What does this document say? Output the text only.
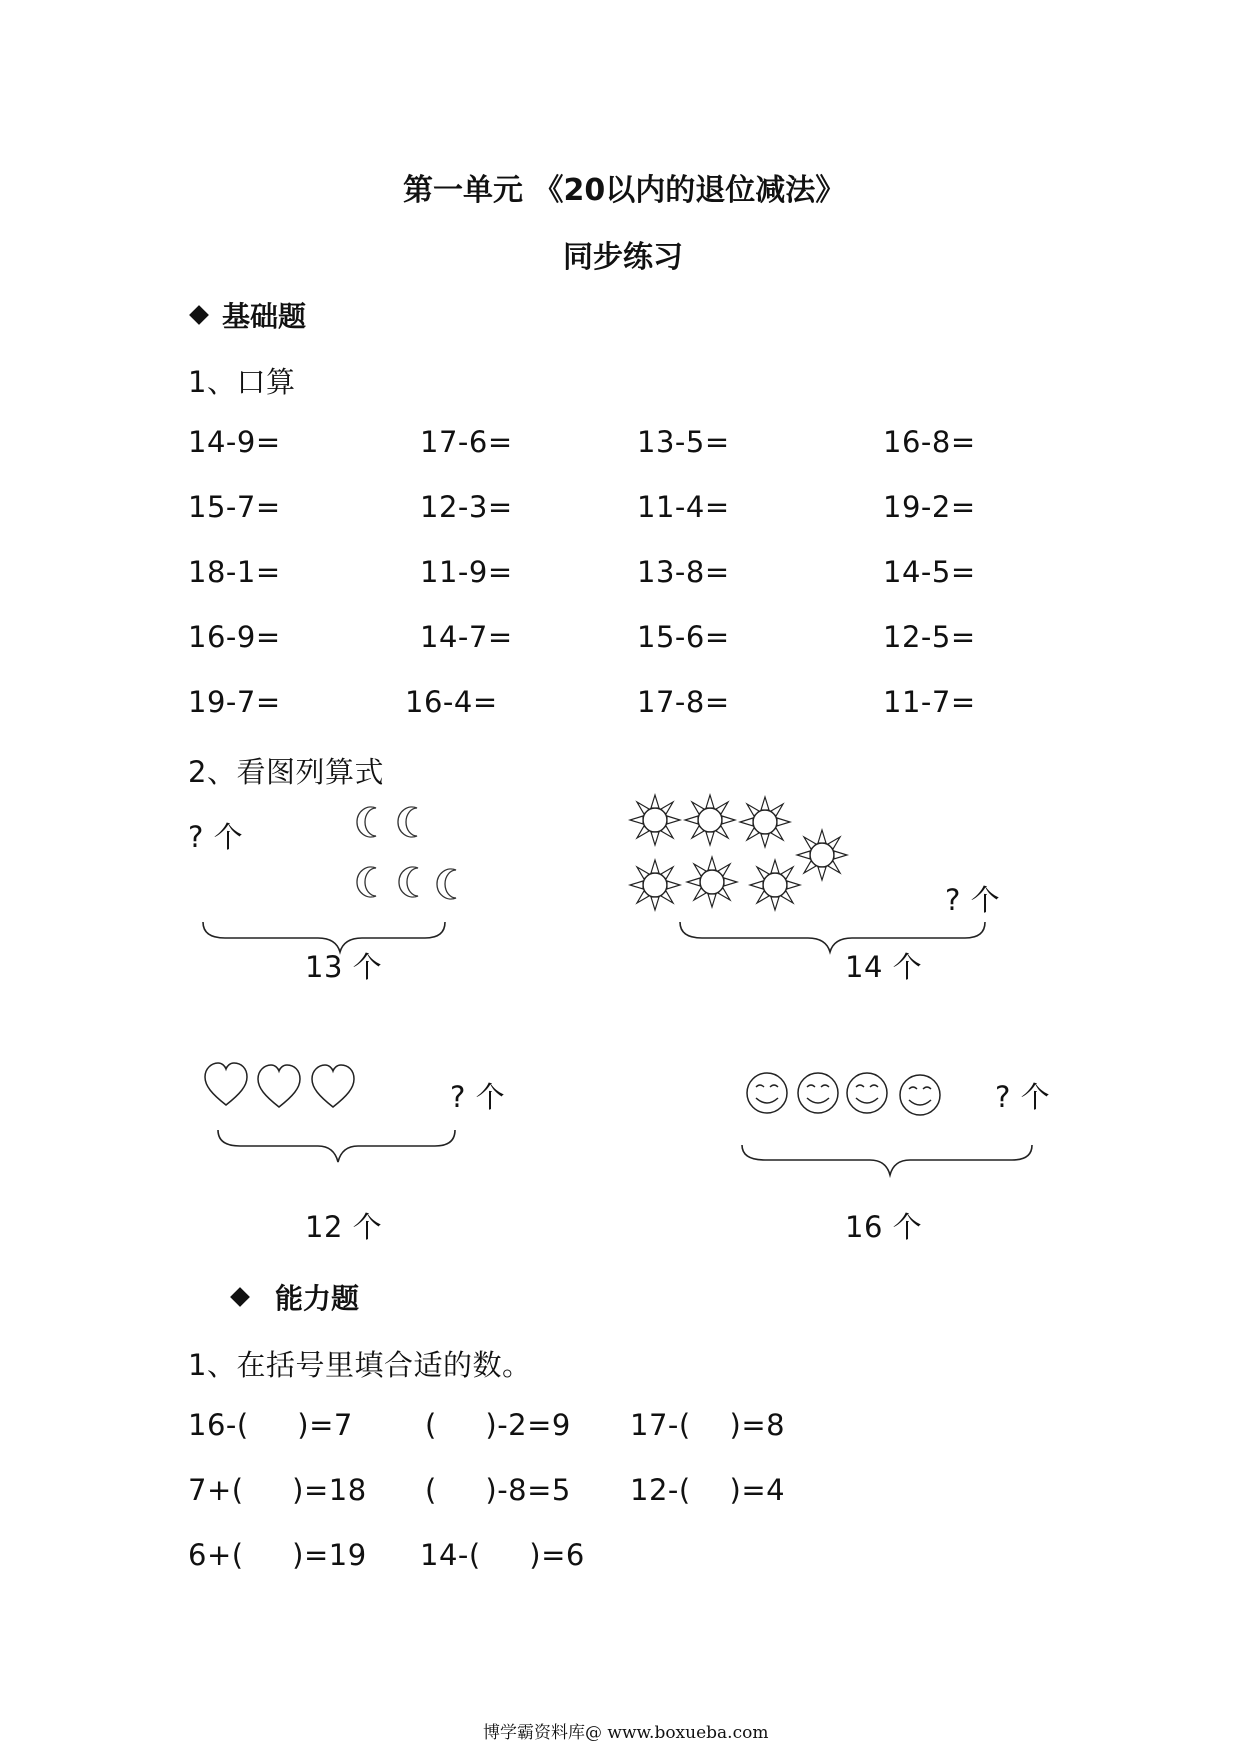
第一单元 《20以内的退位减法》
同步练习
基础题
1、口算
14-9=	17-6=	13-5=	16-8=
15-7=	12-3=	11-4=	19-2=
18-1=	11-9=	13-8=	14-5=
16-9=	14-7=	15-6=	12-5=
19-7=	16-4=	17-8=	11-7=
2、看图列算式
? 个
13 个
? 个
14 个
? 个
12 个
? 个
16 个
能力题
1、在括号里填合适的数。
16-(     )=7 (     )-2=9 17-(    )=8
7+(     )=18 (     )-8=5 12-(    )=4
6+(     )=19 14-(     )=6
博学霸资料库@ www.boxueba.com
